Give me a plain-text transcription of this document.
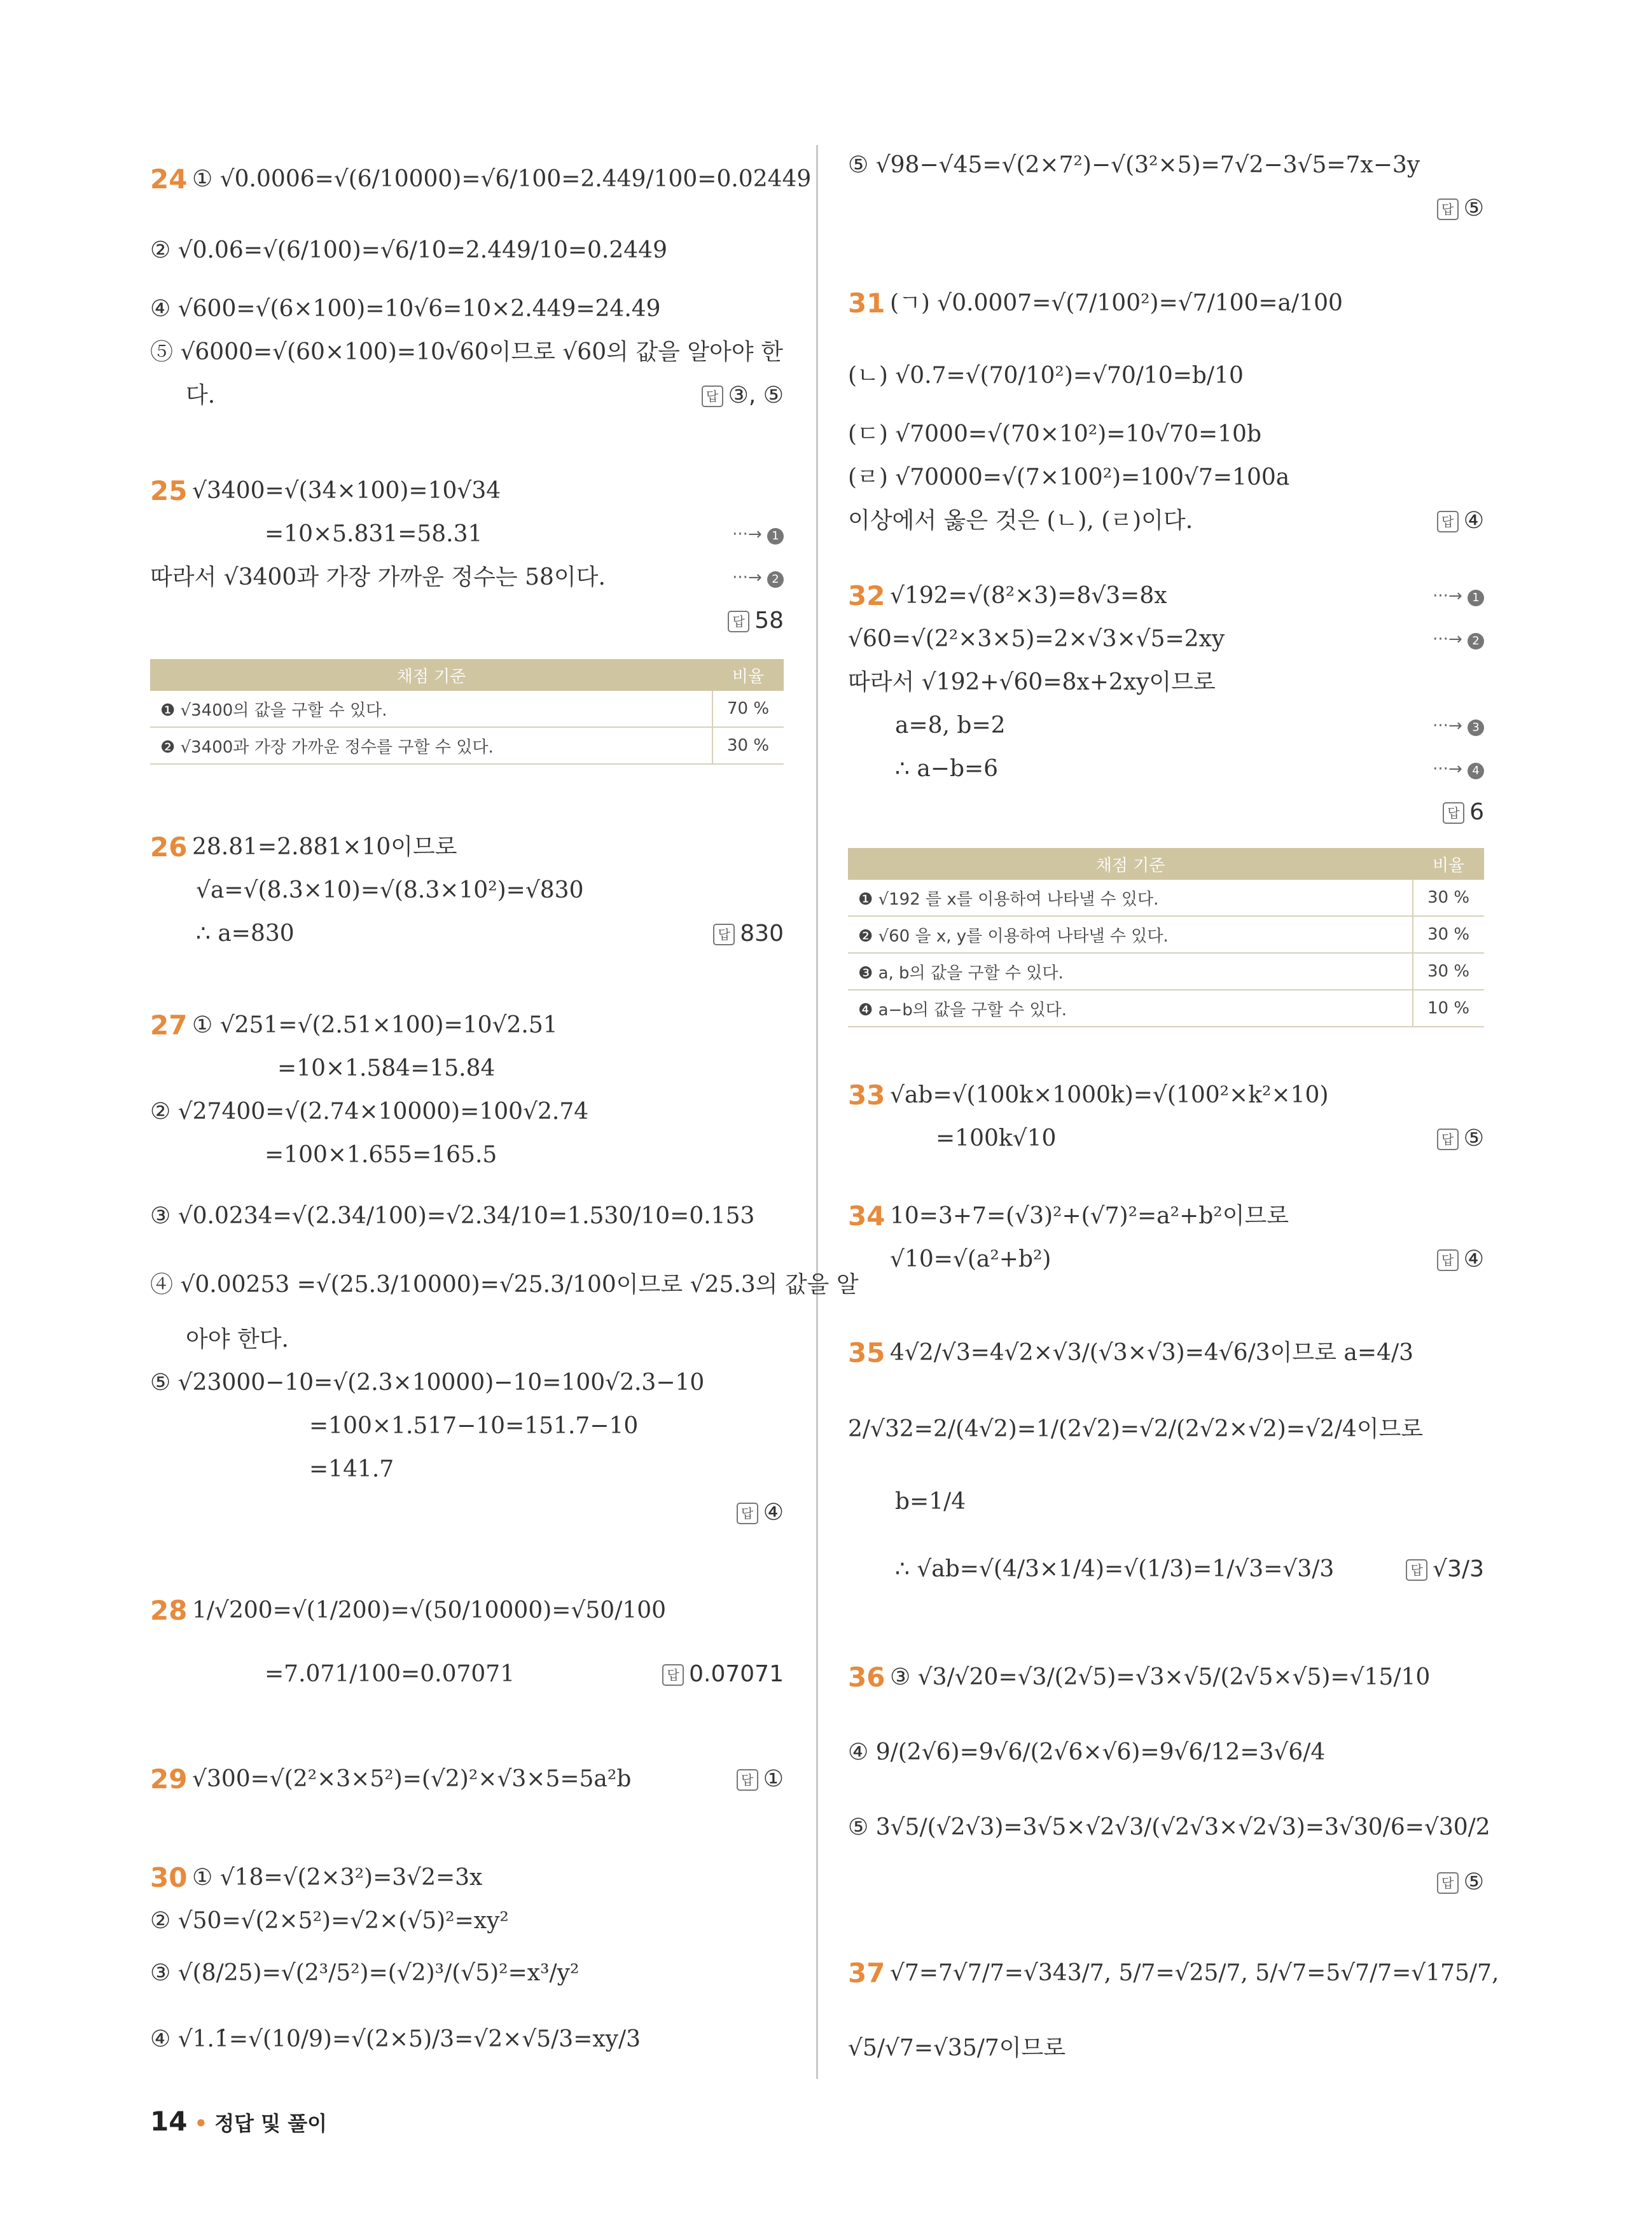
24 ① √0.0006=√(6/10000)=√6/100=2.449/100=0.02449
② √0.06=√(6/100)=√6/10=2.449/10=0.2449
④ √600=√(6×100)=10√6=10×2.449=24.49
⑤ √6000=√(60×100)=10√60이므로 √60의 값을 알아야 한
다.	답 ③, ⑤
25 √3400=√(34×100)=10√34
=10×5.831=58.31	···→ 1
따라서 √3400과 가장 가까운 정수는 58이다.	···→ 2
답 58
채점 기준	비율
❶ √3400의 값을 구할 수 있다.	70 %
❷ √3400과 가장 가까운 정수를 구할 수 있다.	30 %
26 28.81=2.881×10이므로
√a=√(8.3×10)=√(8.3×10²)=√830
∴ a=830	답 830
27 ① √251=√(2.51×100)=10√2.51
=10×1.584=15.84
② √27400=√(2.74×10000)=100√2.74
=100×1.655=165.5
③ √0.0234=√(2.34/100)=√2.34/10=1.530/10=0.153
④ √0.00253 =√(25.3/10000)=√25.3/100이므로 √25.3의 값을 알
아야 한다.
⑤ √23000−10=√(2.3×10000)−10=100√2.3−10
=100×1.517−10=151.7−10
=141.7
답 ④
28 1/√200=√(1/200)=√(50/10000)=√50/100
=7.071/100=0.07071	답 0.07071
29 √300=√(2²×3×5²)=(√2)²×√3×5=5a²b	답 ①
30 ① √18=√(2×3²)=3√2=3x
② √50=√(2×5²)=√2×(√5)²=xy²
③ √(8/25)=√(2³/5²)=(√2)³/(√5)²=x³/y²
④ √1.1̇=√(10/9)=√(2×5)/3=√2×√5/3=xy/3
⑤ √98−√45=√(2×7²)−√(3²×5)=7√2−3√5=7x−3y
답 ⑤
31 (ㄱ) √0.0007=√(7/100²)=√7/100=a/100
(ㄴ) √0.7=√(70/10²)=√70/10=b/10
(ㄷ) √7000=√(70×10²)=10√70=10b
(ㄹ) √70000=√(7×100²)=100√7=100a
이상에서 옳은 것은 (ㄴ), (ㄹ)이다.	답 ④
32 √192=√(8²×3)=8√3=8x	···→ 1
√60=√(2²×3×5)=2×√3×√5=2xy	···→ 2
따라서 √192+√60=8x+2xy이므로
a=8, b=2	···→ 3
∴ a−b=6	···→ 4
답 6
채점 기준	비율
❶ √192 를 x를 이용하여 나타낼 수 있다.	30 %
❷ √60 을 x, y를 이용하여 나타낼 수 있다.	30 %
❸ a, b의 값을 구할 수 있다.	30 %
❹ a−b의 값을 구할 수 있다.	10 %
33 √ab=√(100k×1000k)=√(100²×k²×10)
=100k√10	답 ⑤
34 10=3+7=(√3)²+(√7)²=a²+b²이므로
√10=√(a²+b²)	답 ④
35 4√2/√3=4√2×√3/(√3×√3)=4√6/3이므로 a=4/3
2/√32=2/(4√2)=1/(2√2)=√2/(2√2×√2)=√2/4이므로
b=1/4
∴ √ab=√(4/3×1/4)=√(1/3)=1/√3=√3/3	답 √3/3
36 ③ √3/√20=√3/(2√5)=√3×√5/(2√5×√5)=√15/10
④ 9/(2√6)=9√6/(2√6×√6)=9√6/12=3√6/4
⑤ 3√5/(√2√3)=3√5×√2√3/(√2√3×√2√3)=3√30/6=√30/2
답 ⑤
37 √7=7√7/7=√343/7, 5/7=√25/7, 5/√7=5√7/7=√175/7,
√5/√7=√35/7이므로
14 • 정답 및 풀이
